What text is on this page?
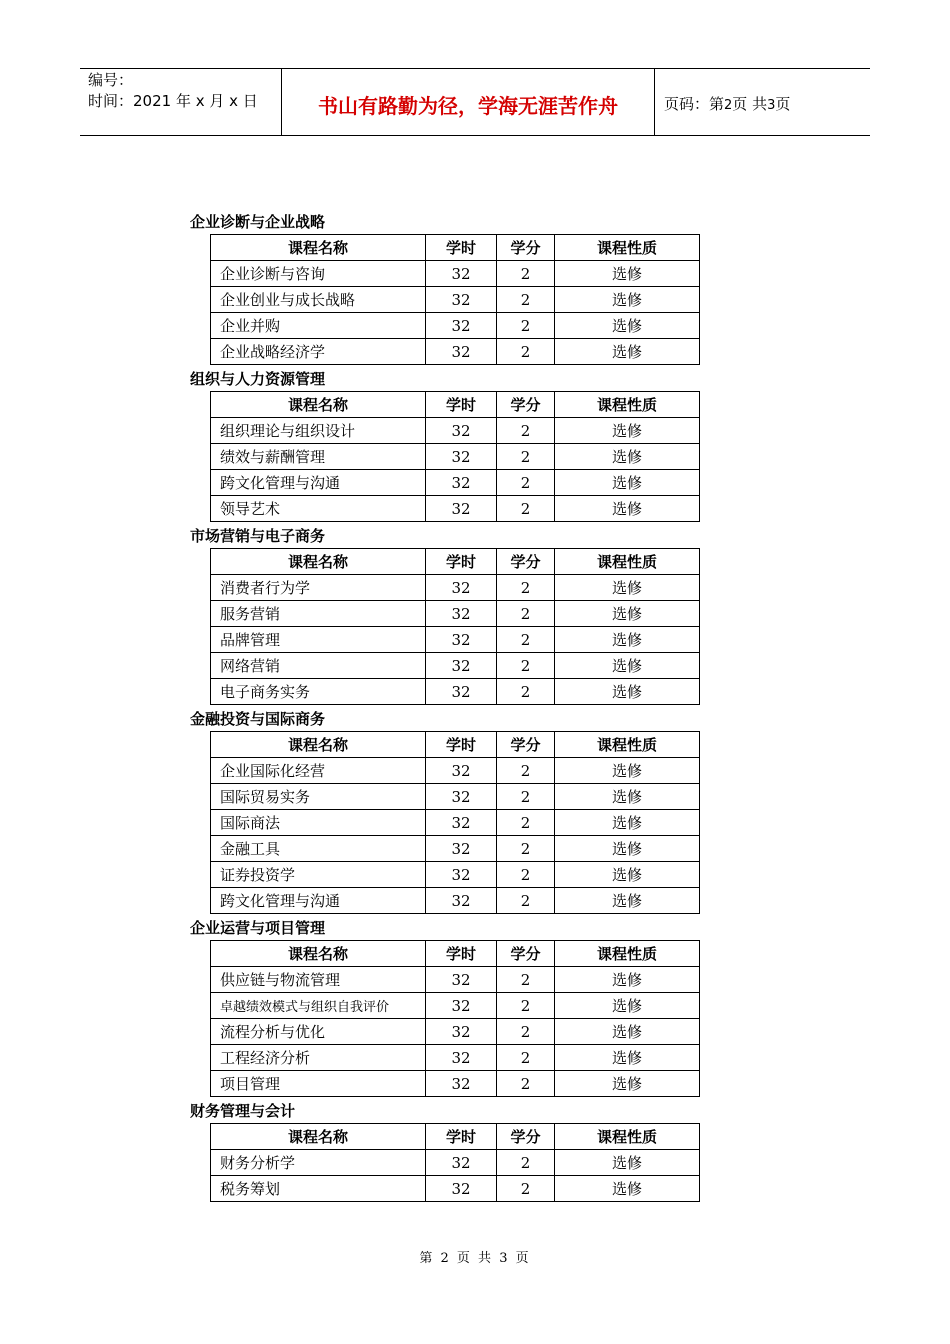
编号：
时间：2021 年 x 月 x 日	书山有路勤为径，学海无涯苦作舟	页码：第2页 共3页
企业诊断与企业战略
课程名称	学时	学分	课程性质
企业诊断与咨询	32	2	选修
企业创业与成长战略	32	2	选修
企业并购	32	2	选修
企业战略经济学	32	2	选修
组织与人力资源管理
课程名称	学时	学分	课程性质
组织理论与组织设计	32	2	选修
绩效与薪酬管理	32	2	选修
跨文化管理与沟通	32	2	选修
领导艺术	32	2	选修
市场营销与电子商务
课程名称	学时	学分	课程性质
消费者行为学	32	2	选修
服务营销	32	2	选修
品牌管理	32	2	选修
网络营销	32	2	选修
电子商务实务	32	2	选修
金融投资与国际商务
课程名称	学时	学分	课程性质
企业国际化经营	32	2	选修
国际贸易实务	32	2	选修
国际商法	32	2	选修
金融工具	32	2	选修
证券投资学	32	2	选修
跨文化管理与沟通	32	2	选修
企业运营与项目管理
课程名称	学时	学分	课程性质
供应链与物流管理	32	2	选修
卓越绩效模式与组织自我评价	32	2	选修
流程分析与优化	32	2	选修
工程经济分析	32	2	选修
项目管理	32	2	选修
财务管理与会计
课程名称	学时	学分	课程性质
财务分析学	32	2	选修
税务筹划	32	2	选修
第 2 页 共 3 页
